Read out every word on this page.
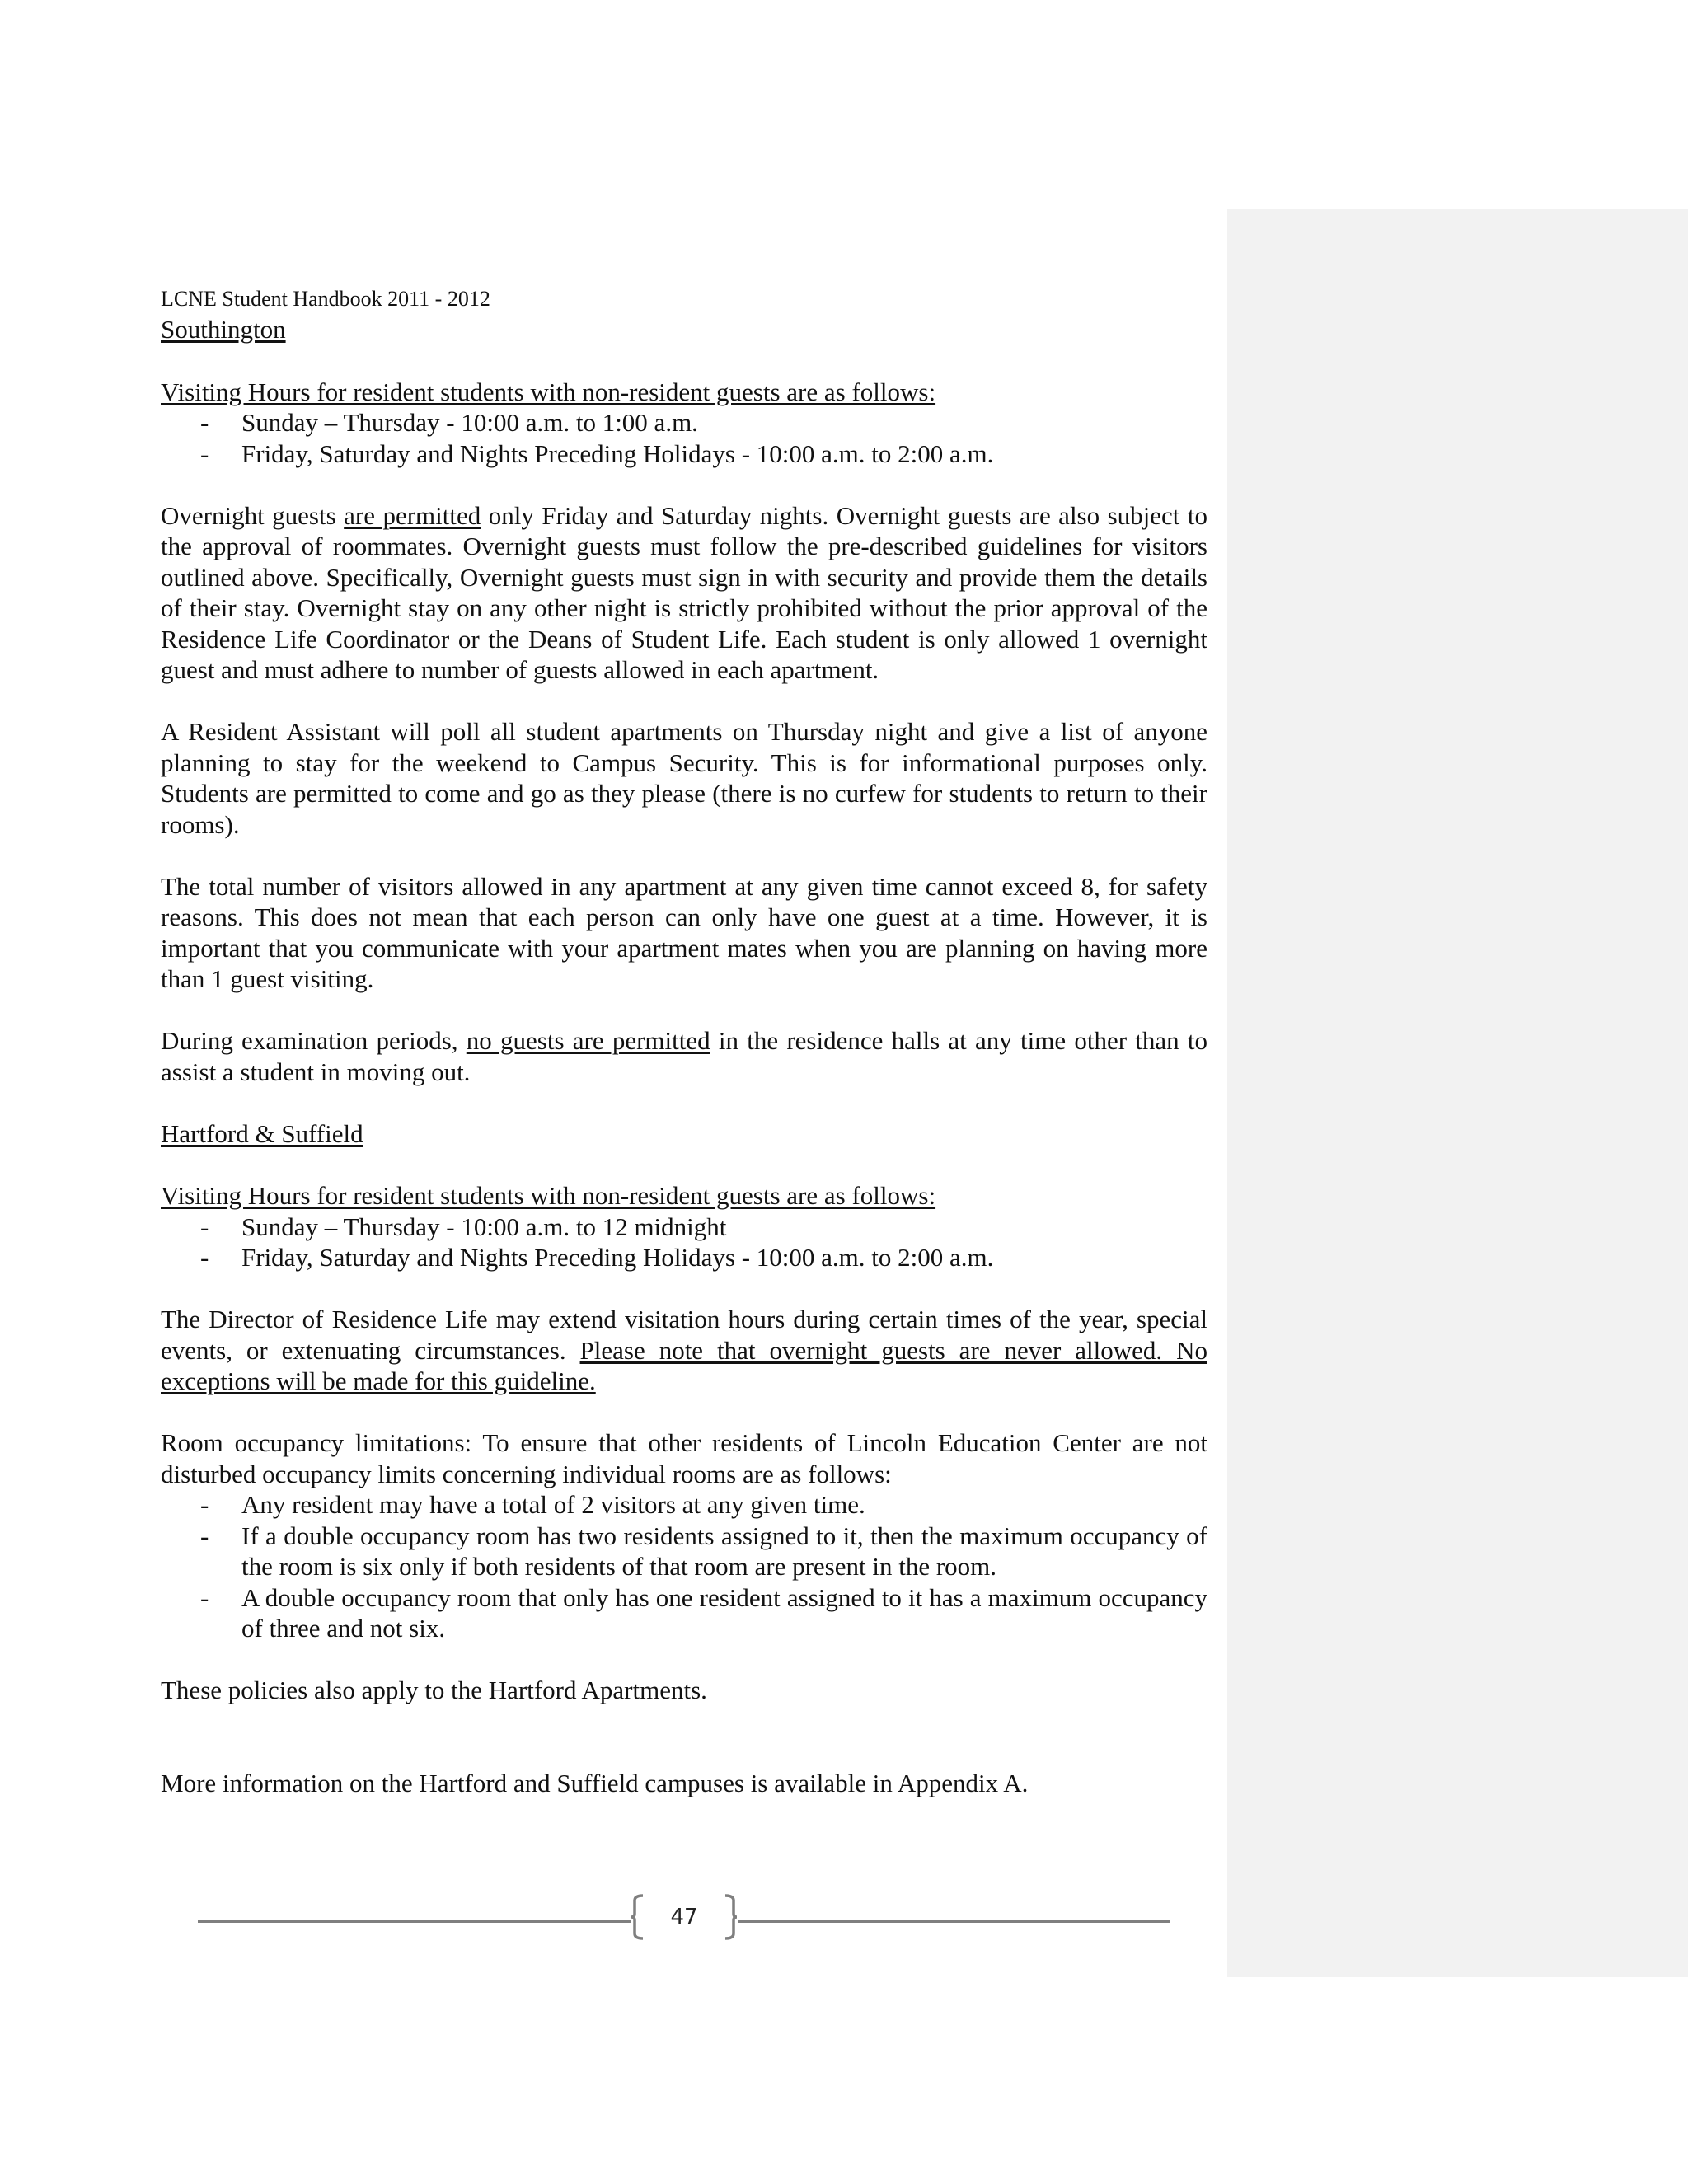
LCNE Student Handbook 2011 - 2012
Southington

Visiting Hours for resident students with non-resident guests are as follows:

- Sunday – Thursday - 10:00 a.m. to 1:00 a.m.
- Friday, Saturday and Nights Preceding Holidays - 10:00 a.m. to 2:00 a.m.

Overnight guests are permitted only Friday and Saturday nights. Overnight guests are also subject to the approval of roommates. Overnight guests must follow the pre-described guidelines for visitors outlined above. Specifically, Overnight guests must sign in with security and provide them the details of their stay. Overnight stay on any other night is strictly prohibited without the prior approval of the Residence Life Coordinator or the Deans of Student Life. Each student is only allowed 1 overnight guest and must adhere to number of guests allowed in each apartment.

A Resident Assistant will poll all student apartments on Thursday night and give a list of anyone planning to stay for the weekend to Campus Security. This is for informational purposes only. Students are permitted to come and go as they please (there is no curfew for students to return to their rooms).

The total number of visitors allowed in any apartment at any given time cannot exceed 8, for safety reasons. This does not mean that each person can only have one guest at a time. However, it is important that you communicate with your apartment mates when you are planning on having more than 1 guest visiting.

During examination periods, no guests are permitted in the residence halls at any time other than to assist a student in moving out.

Hartford & Suffield

Visiting Hours for resident students with non-resident guests are as follows:

- Sunday – Thursday - 10:00 a.m. to 12 midnight
- Friday, Saturday and Nights Preceding Holidays - 10:00 a.m. to 2:00 a.m.

The Director of Residence Life may extend visitation hours during certain times of the year, special events, or extenuating circumstances. Please note that overnight guests are never allowed. No exceptions will be made for this guideline.

Room occupancy limitations: To ensure that other residents of Lincoln Education Center are not disturbed occupancy limits concerning individual rooms are as follows:

- Any resident may have a total of 2 visitors at any given time.
- If a double occupancy room has two residents assigned to it, then the maximum occupancy of the room is six only if both residents of that room are present in the room.
- A double occupancy room that only has one resident assigned to it has a maximum occupancy of three and not six.

These policies also apply to the Hartford Apartments.

More information on the Hartford and Suffield campuses is available in Appendix A.

47
